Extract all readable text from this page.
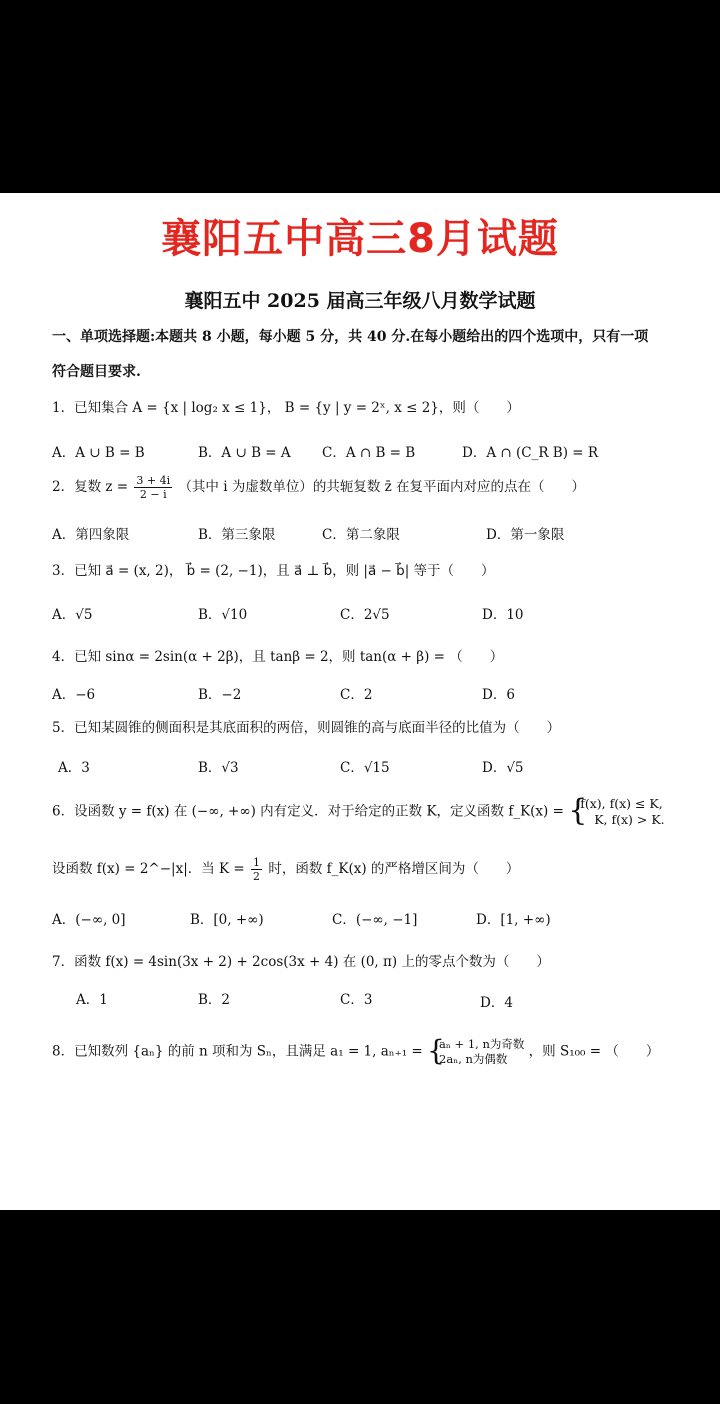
襄阳五中高三8月试题
襄阳五中 2025 届高三年级八月数学试题
一、单项选择题:本题共 8 小题，每小题 5 分，共 40 分.在每小题给出的四个选项中，只有一项
符合题目要求.
1．已知集合 A = {x | log₂ x ≤ 1}， B = {y | y = 2ˣ, x ≤ 2}，则（　　）
A．A ∪ B = B	B．A ∪ B = A C．A ∩ B = B	D．A ∩ (C_R B) = R
2．复数 $z = \frac{3 + 4i}{2 - i}$ （其中 i 为虚数单位）的共轭复数 z̄ 在复平面内对应的点在（　　）
A．第四象限	B．第三象限	C．第二象限	D．第一象限
3．已知 a⃗ = (x, 2)， b⃗ = (2, −1)，且 a⃗ ⊥ b⃗，则 |a⃗ − b⃗| 等于（　　）
A．√5	B．√10	C．2√5	D．10
4．已知 sinα = 2sin(α + 2β)，且 tanβ = 2，则 tan(α + β) = （　　）
A．−6	B．−2	C．2	D．6
5．已知某圆锥的侧面积是其底面积的两倍，则圆锥的高与底面半径的比值为（　　）
A．3	B．√3	C．√15	D．√5
6．设函数 y = f(x) 在 (−∞, +∞) 内有定义．对于给定的正数 K，定义函数 f_K(x) = {
f(x), f(x) ≤ K,
K, f(x) > K.
设函数 f(x) = 2^−|x|．当 $K = \frac{1}{2}$ 时，函数 f_K(x) 的严格增区间为（　　）
A．(−∞, 0]	B．[0, +∞)	C．(−∞, −1]	D．[1, +∞)
7．函数 f(x) = 4sin(3x + 2) + 2cos(3x + 4) 在 (0, π) 上的零点个数为（　　）
A．1	B．2	C．3	D．4
8．已知数列 {aₙ} 的前 n 项和为 Sₙ，且满足 a₁ = 1, aₙ₊₁ = {
aₙ + 1, n为奇数
2aₙ, n为偶数	，则 S₁₀₀ = （　　）
